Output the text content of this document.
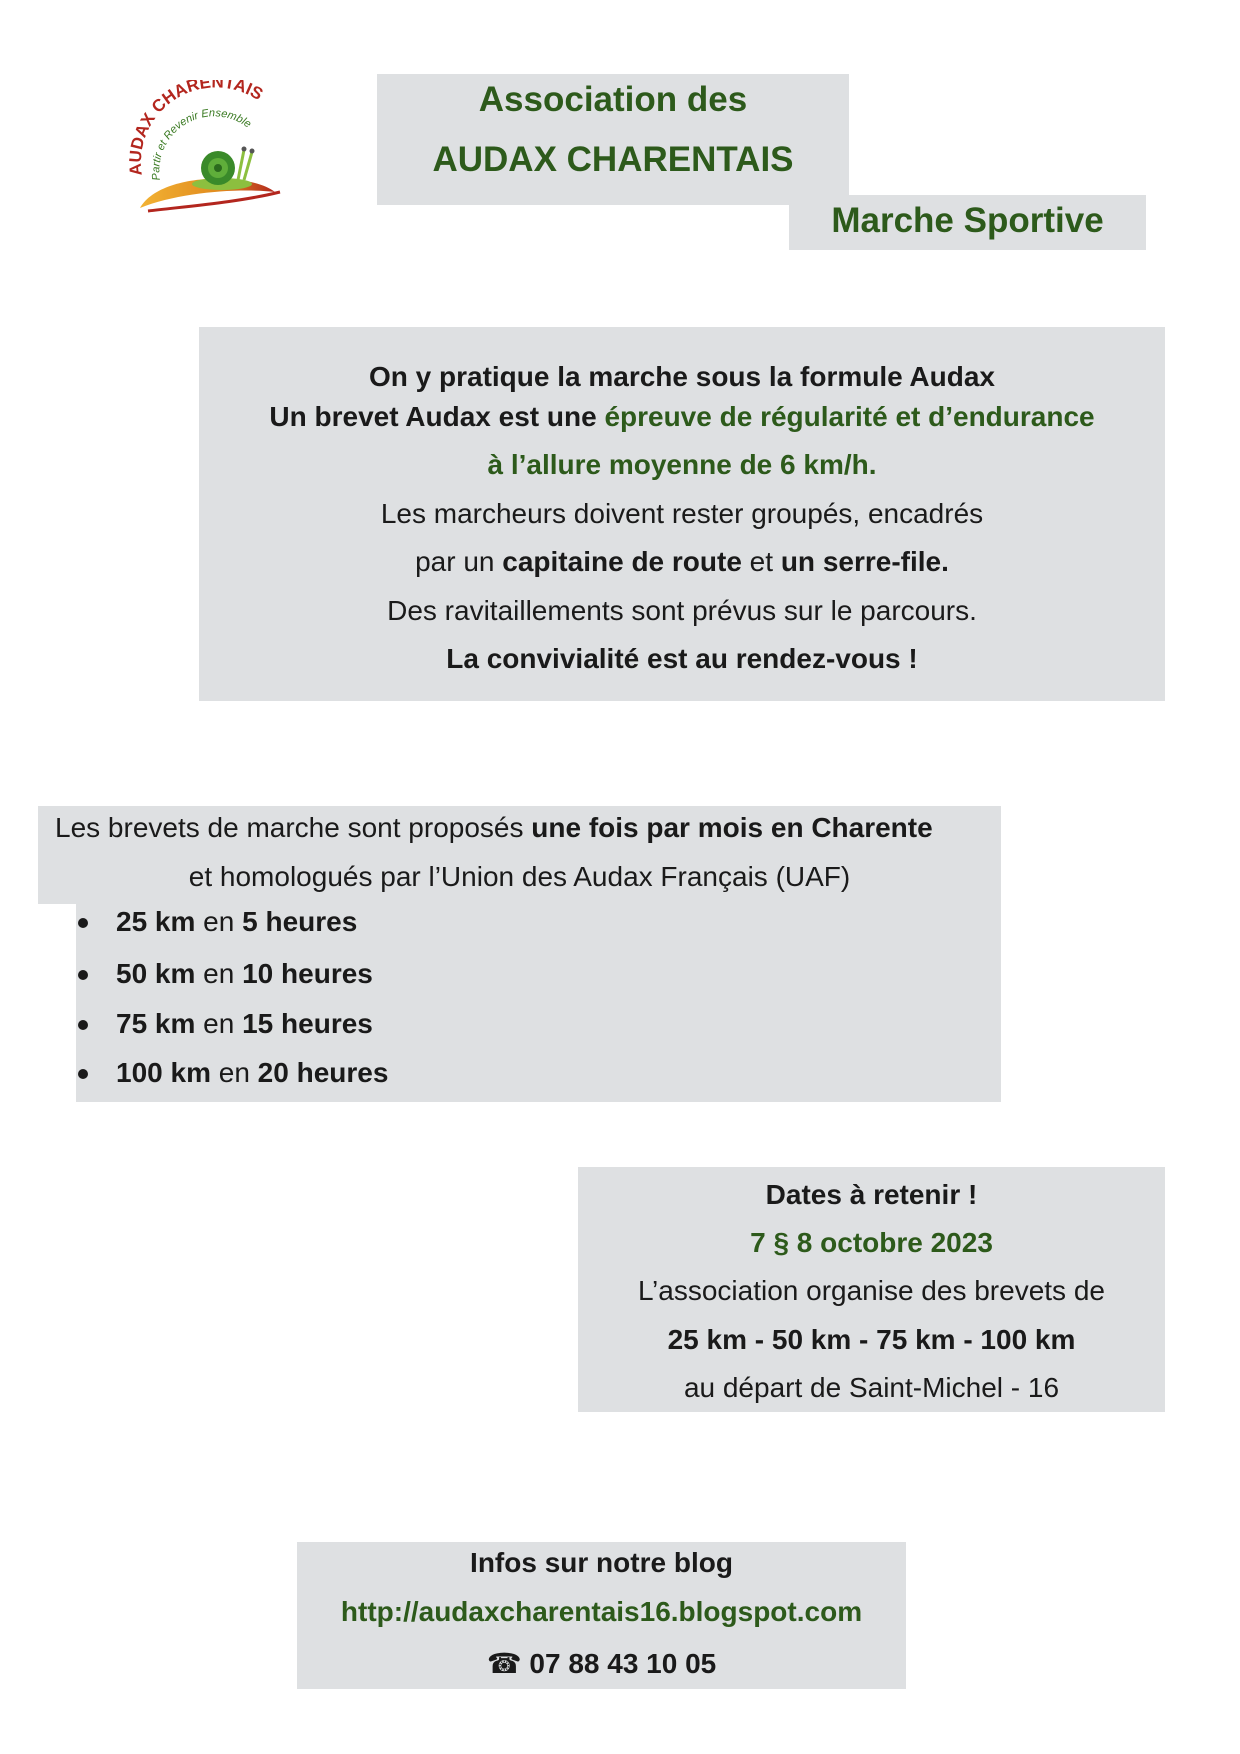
AUDAX CHARENTAIS
Partir et Revenir Ensemble
Association des
AUDAX CHARENTAIS
Marche Sportive
On y pratique la marche sous la formule Audax
Un brevet Audax est une épreuve de régularité et d’endurance
à l’allure moyenne de 6 km/h.
Les marcheurs doivent rester groupés, encadrés
par un capitaine de route et un serre-file.
Des ravitaillements sont prévus sur le parcours.
La convivialité est au rendez-vous !
Les brevets de marche sont proposés une fois par mois en Charente
et homologués par l’Union des Audax Français (UAF)
25 km en 5 heures
50 km en 10 heures
75 km en 15 heures
100 km en 20 heures
Dates à retenir !
7 § 8 octobre 2023
L’association organise des brevets de
25 km - 50 km - 75 km - 100 km
au départ de Saint-Michel - 16
Infos sur notre blog
http://audaxcharentais16.blogspot.com
☎ 07 88 43 10 05
